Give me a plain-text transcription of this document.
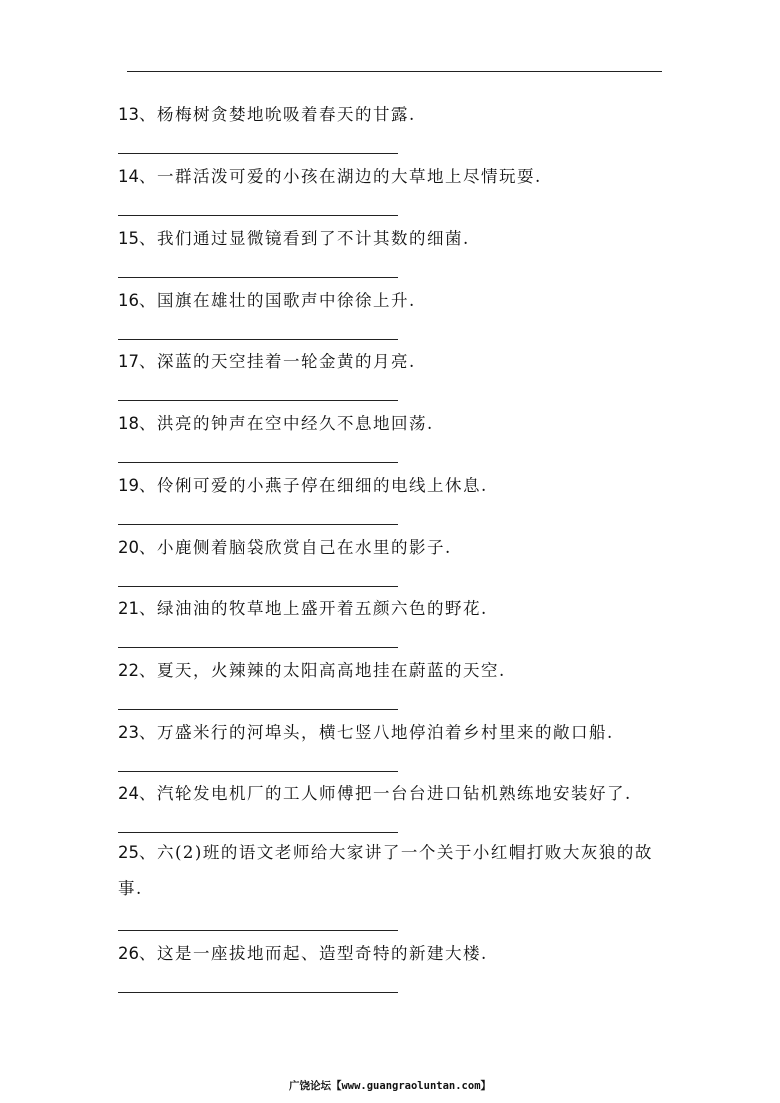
13、杨梅树贪婪地吮吸着春天的甘露.

14、一群活泼可爱的小孩在湖边的大草地上尽情玩耍.

15、我们通过显微镜看到了不计其数的细菌.

16、国旗在雄壮的国歌声中徐徐上升.

17、深蓝的天空挂着一轮金黄的月亮.

18、洪亮的钟声在空中经久不息地回荡.

19、伶俐可爱的小燕子停在细细的电线上休息.

20、小鹿侧着脑袋欣赏自己在水里的影子.

21、绿油油的牧草地上盛开着五颜六色的野花.

22、夏天，火辣辣的太阳高高地挂在蔚蓝的天空.

23、万盛米行的河埠头，横七竖八地停泊着乡村里来的敞口船.

24、汽轮发电机厂的工人师傅把一台台进口钻机熟练地安装好了.

25、六(2)班的语文老师给大家讲了一个关于小红帽打败大灰狼的故事.

26、这是一座拔地而起、造型奇特的新建大楼.

广饶论坛【www.guangraoluntan.com】
